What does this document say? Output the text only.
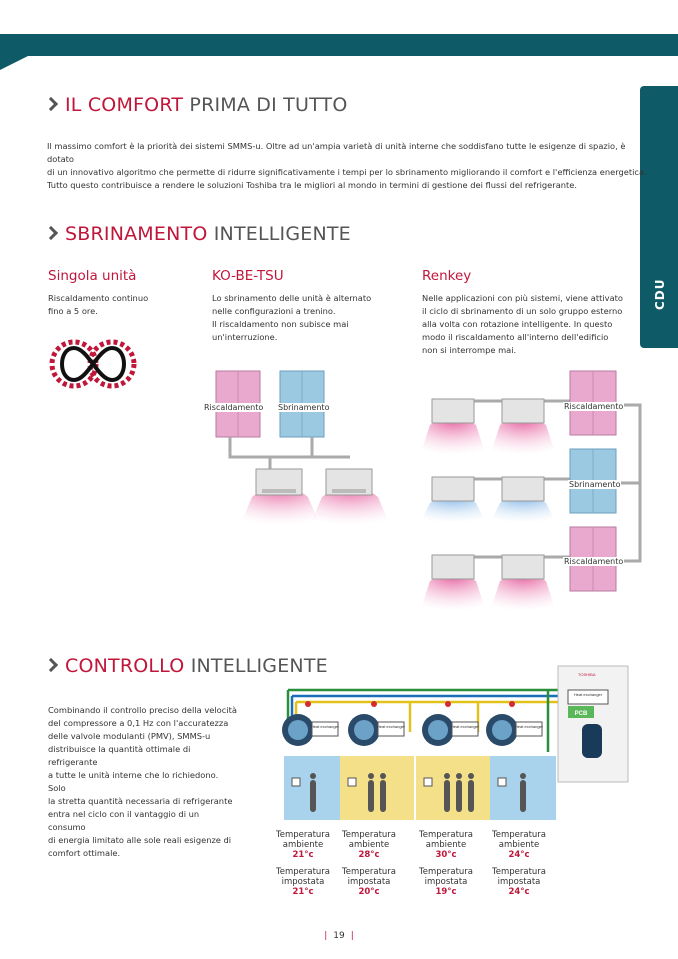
CDU
IL COMFORT PRIMA DI TUTTO
Il massimo comfort è la priorità dei sistemi SMMS-u. Oltre ad un'ampia varietà di unità interne che soddisfano tutte le esigenze di spazio, è dotato
di un innovativo algoritmo che permette di ridurre significativamente i tempi per lo sbrinamento migliorando il comfort e l'efficienza energetica.
Tutto questo contribuisce a rendere le soluzioni Toshiba tra le migliori al mondo in termini di gestione dei flussi del refrigerante.
SBRINAMENTO INTELLIGENTE
Singola unità
Riscaldamento continuo
fino a 5 ore.
KO-BE-TSU
Lo sbrinamento delle unità è alternato
nelle configurazioni a trenino.
Il riscaldamento non subisce mai
un'interruzione.
Renkey
Nelle applicazioni con più sistemi, viene attivato
il ciclo di sbrinamento di un solo gruppo esterno
alla volta con rotazione intelligente. In questo
modo il riscaldamento all'interno dell'edificio
non si interrompe mai.
Riscaldamento Sbrinamento	Riscaldamento
Sbrinamento
Riscaldamento
CONTROLLO INTELLIGENTE
Combinando il controllo preciso della velocità
del compressore a 0,1 Hz con l'accuratezza
delle valvole modulanti (PMV), SMMS-u
distribuisce la quantità ottimale di refrigerante
a tutte le unità interne che lo richiedono. Solo
la stretta quantità necessaria di refrigerante
entra nel ciclo con il vantaggio di un consumo
di energia limitato alle sole reali esigenze di
comfort ottimale.
Heat exchanger	Heat exchanger	Heat exchanger	Heat exchanger
TOSHIBA
Heat exchanger
PCB
Temperatura ambiente
21°c
Temperatura impostata
21°c
Temperatura ambiente
28°c
Temperatura impostata
20°c
Temperatura ambiente
30°c
Temperatura impostata
19°c
Temperatura ambiente
24°c
Temperatura impostata
24°c
| 19 |
